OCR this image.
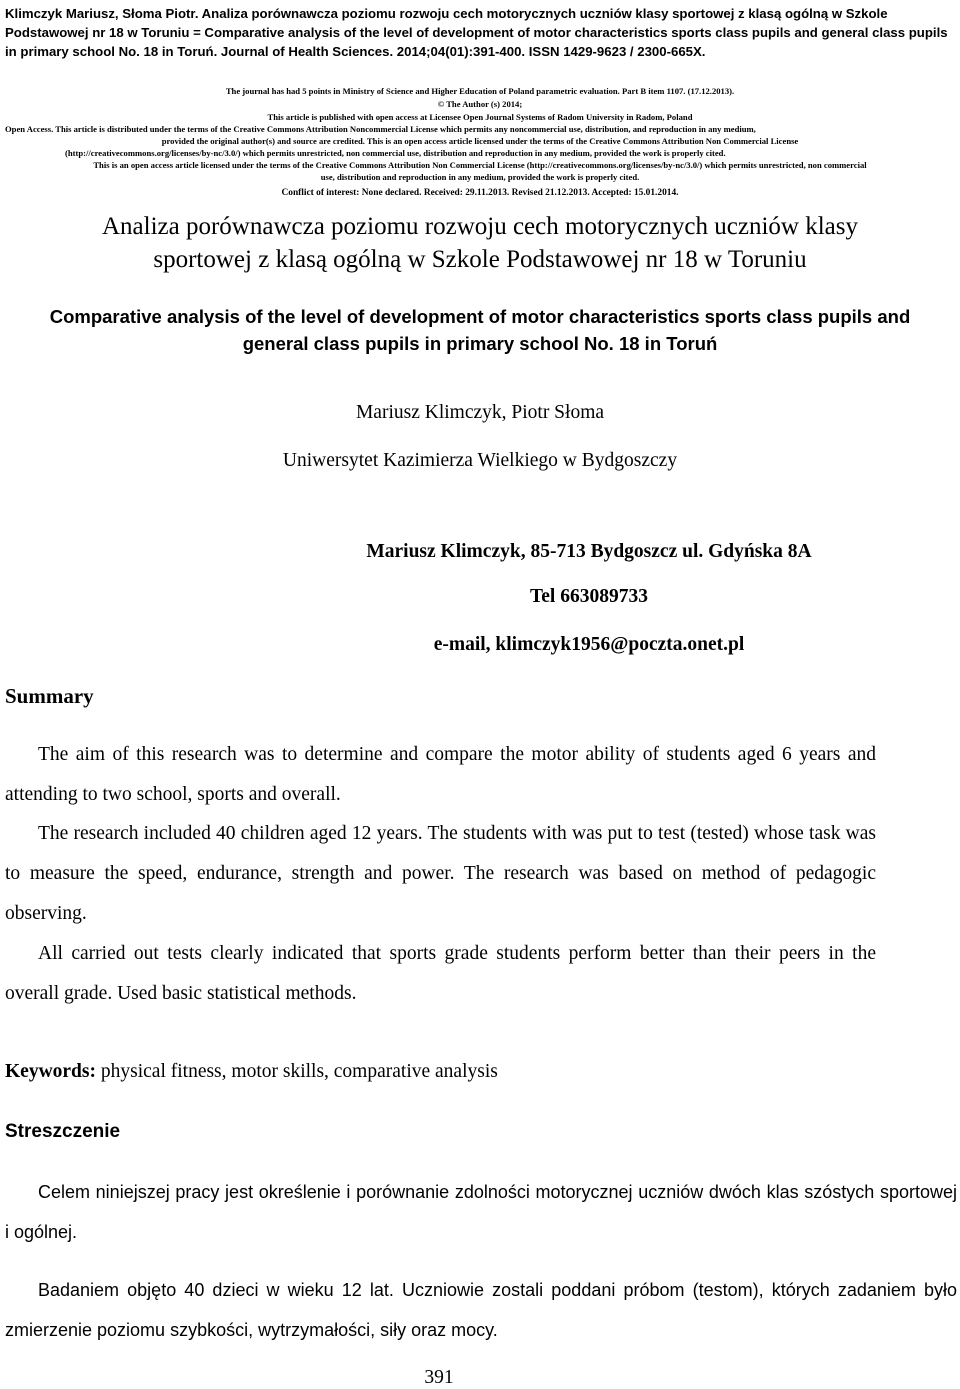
Klimczyk Mariusz, Słoma Piotr. Analiza porównawcza poziomu rozwoju cech motorycznych uczniów klasy sportowej z klasą ogólną w Szkole Podstawowej nr 18 w Toruniu = Comparative analysis of the level of development of motor characteristics sports class pupils and general class pupils in primary school No. 18 in Toruń. Journal of Health Sciences. 2014;04(01):391-400. ISSN 1429-9623 / 2300-665X.
The journal has had 5 points in Ministry of Science and Higher Education of Poland parametric evaluation. Part B item 1107. (17.12.2013).
© The Author (s) 2014;
This article is published with open access at Licensee Open Journal Systems of Radom University in Radom, Poland
Open Access. This article is distributed under the terms of the Creative Commons Attribution Noncommercial License which permits any noncommercial use, distribution, and reproduction in any medium,
provided the original author(s) and source are credited. This is an open access article licensed under the terms of the Creative Commons Attribution Non Commercial License
(http://creativecommons.org/licenses/by-nc/3.0/) which permits unrestricted, non commercial use, distribution and reproduction in any medium, provided the work is properly cited.
This is an open access article licensed under the terms of the Creative Commons Attribution Non Commercial License (http://creativecommons.org/licenses/by-nc/3.0/) which permits unrestricted, non commercial
use, distribution and reproduction in any medium, provided the work is properly cited.
Conflict of interest: None declared. Received: 29.11.2013. Revised 21.12.2013. Accepted: 15.01.2014.
Analiza porównawcza poziomu rozwoju cech motorycznych uczniów klasy
sportowej z klasą ogólną w Szkole Podstawowej nr 18 w Toruniu
Comparative analysis of the level of development of motor characteristics sports class pupils and
general class pupils in primary school No. 18 in Toruń
Mariusz Klimczyk, Piotr Słoma
Uniwersytet Kazimierza Wielkiego w Bydgoszczy
Mariusz Klimczyk, 85-713 Bydgoszcz ul. Gdyńska 8A
Tel 663089733
e-mail, klimczyk1956@poczta.onet.pl
Summary
The aim of this research was to determine and compare the motor ability of students aged 6 years and attending to two school, sports and overall.
The research included 40 children aged 12 years. The students with was put to test (tested) whose task was to measure the speed, endurance, strength and power. The research was based on method of pedagogic observing.
All carried out tests clearly indicated that sports grade students perform better than their peers in the overall grade. Used basic statistical methods.
Keywords: physical fitness, motor skills, comparative analysis
Streszczenie
Celem niniejszej pracy jest określenie i porównanie zdolności motorycznej uczniów dwóch klas szóstych sportowej i ogólnej.
Badaniem objęto 40 dzieci w wieku 12 lat. Uczniowie zostali poddani próbom (testom), których zadaniem było zmierzenie poziomu szybkości, wytrzymałości, siły oraz mocy.
391
